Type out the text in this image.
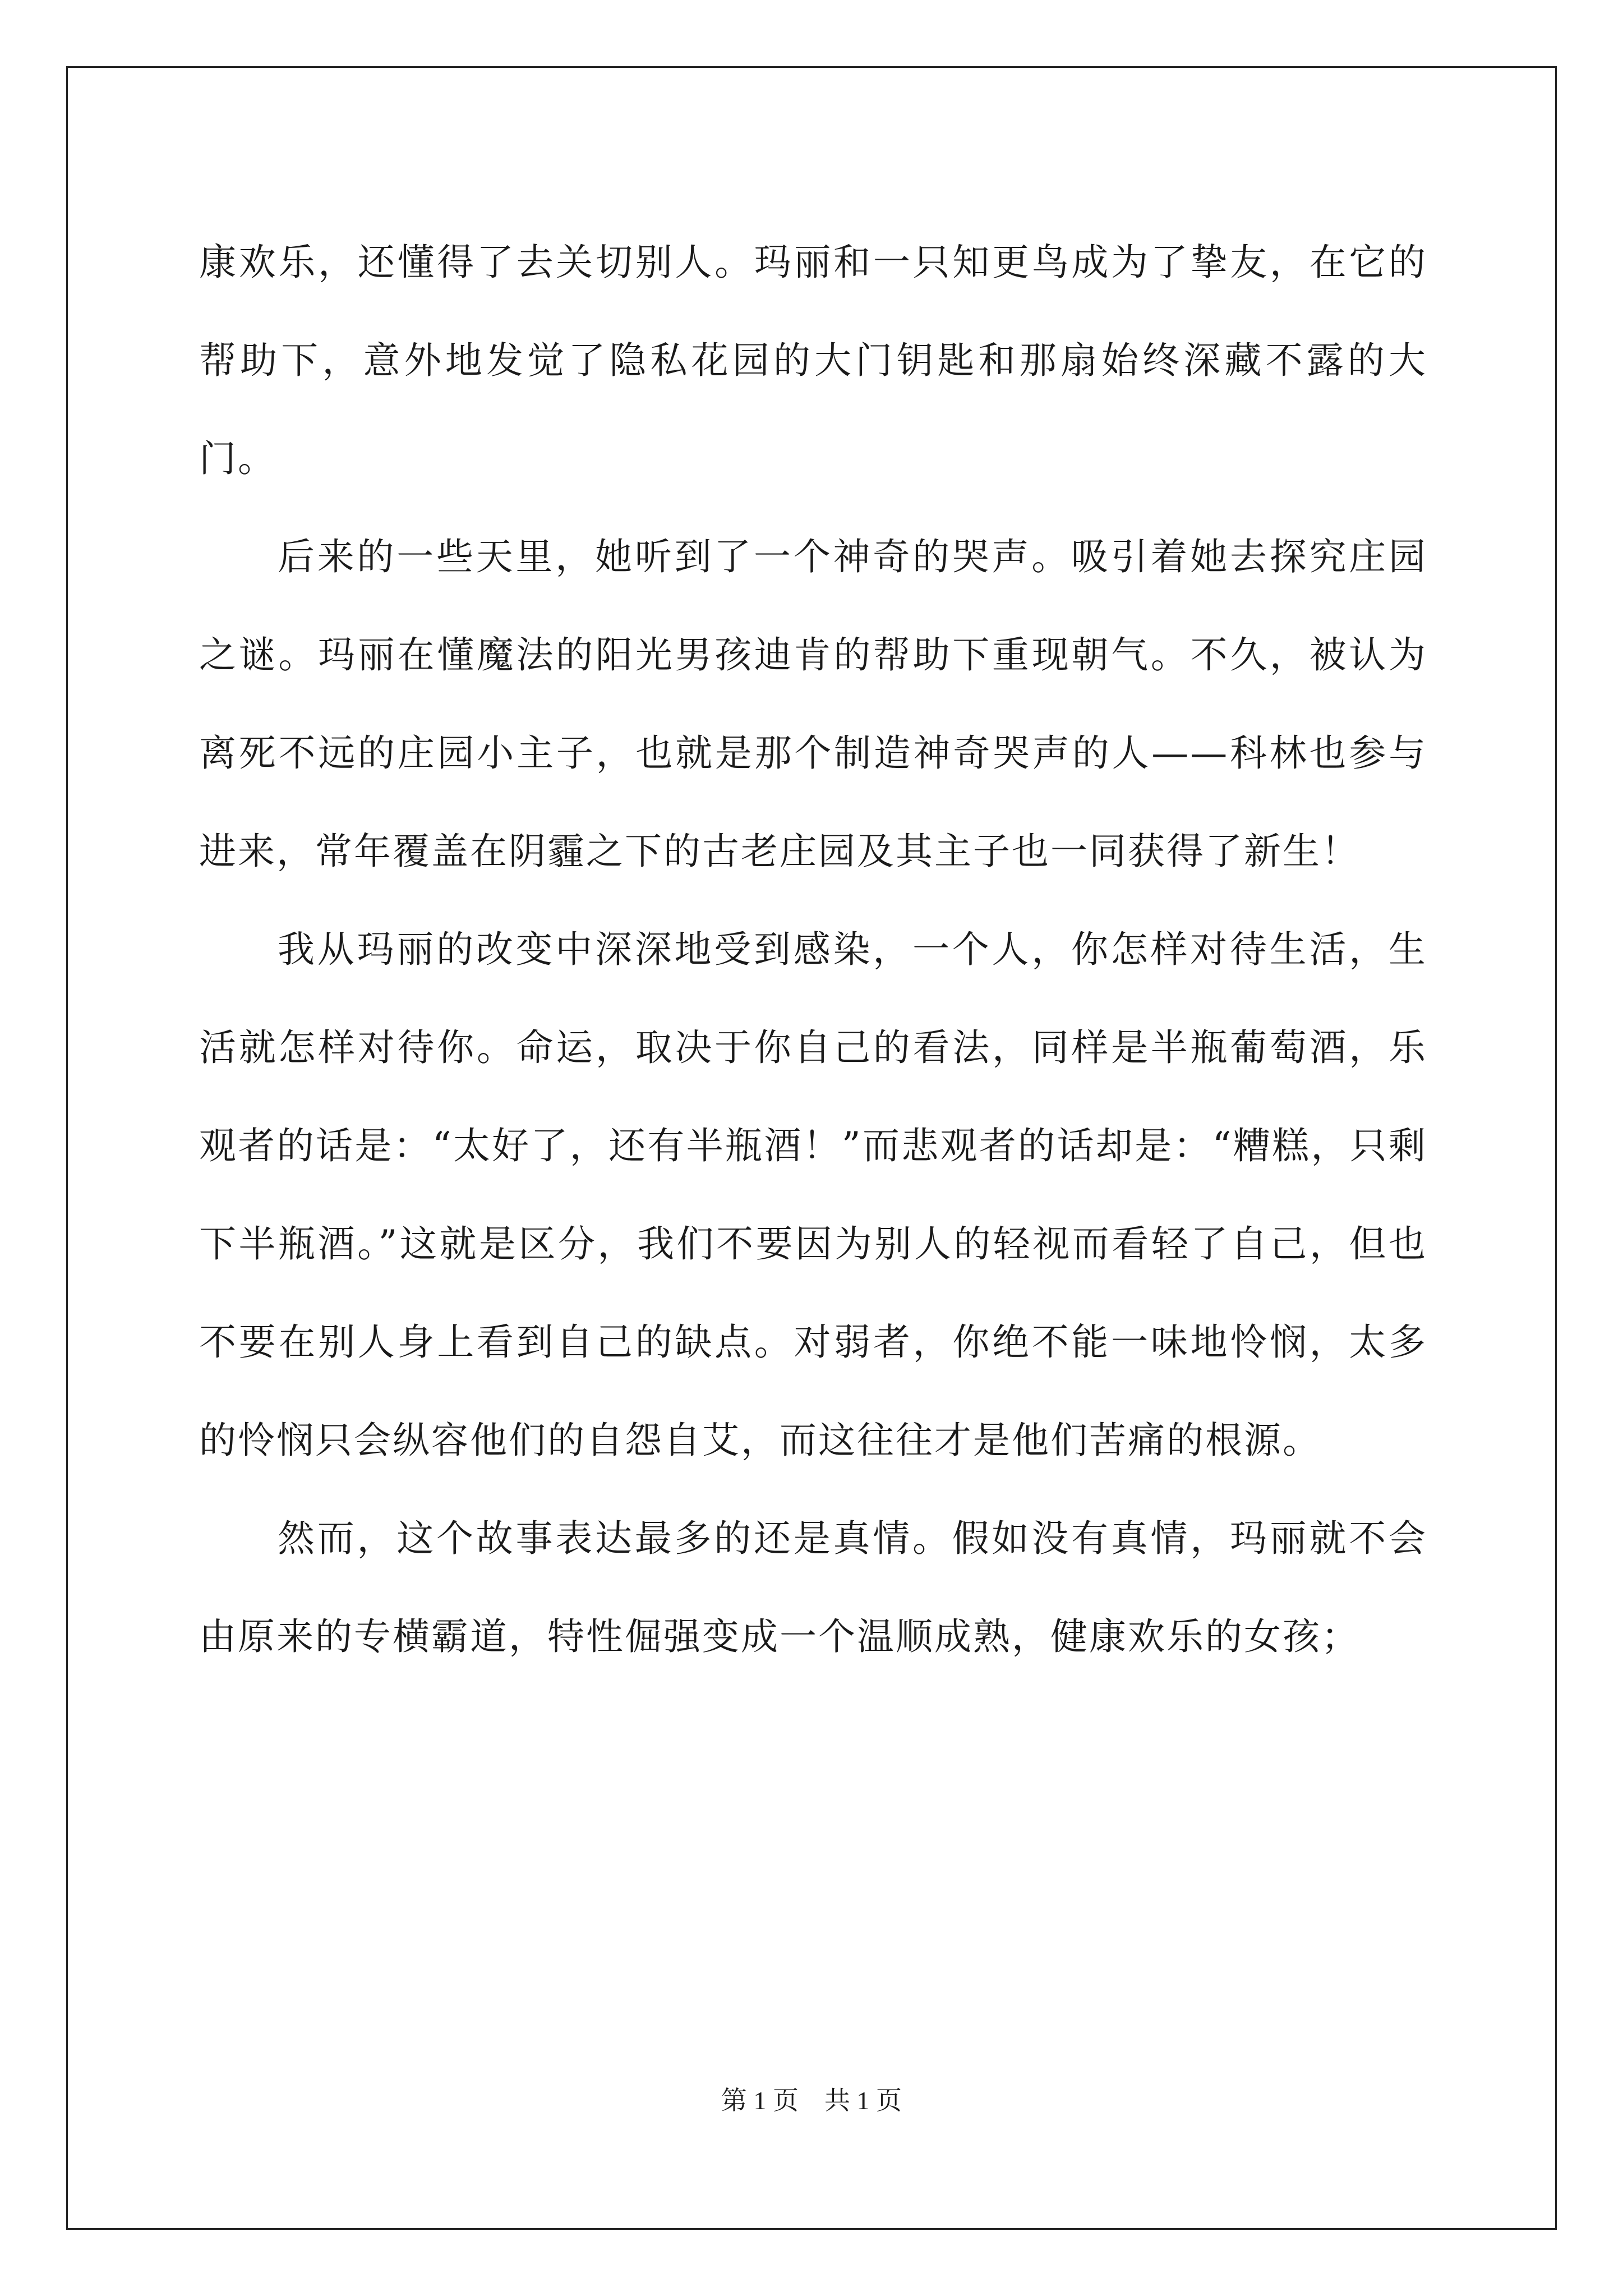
康欢乐，还懂得了去关切别人。玛丽和一只知更鸟成为了挚友，在它的帮助下，意外地发觉了隐私花园的大门钥匙和那扇始终深藏不露的大门。

后来的一些天里，她听到了一个神奇的哭声。吸引着她去探究庄园之谜。玛丽在懂魔法的阳光男孩迪肯的帮助下重现朝气。不久，被认为离死不远的庄园小主子，也就是那个制造神奇哭声的人——科林也参与进来，常年覆盖在阴霾之下的古老庄园及其主子也一同获得了新生！

我从玛丽的改变中深深地受到感染，一个人，你怎样对待生活，生活就怎样对待你。命运，取决于你自己的看法，同样是半瓶葡萄酒，乐观者的话是：“太好了，还有半瓶酒！”而悲观者的话却是：“糟糕，只剩下半瓶酒。”这就是区分，我们不要因为别人的轻视而看轻了自己，但也不要在别人身上看到自己的缺点。对弱者，你绝不能一味地怜悯，太多的怜悯只会纵容他们的自怨自艾，而这往往才是他们苦痛的根源。

然而，这个故事表达最多的还是真情。假如没有真情，玛丽就不会由原来的专横霸道，特性倔强变成一个温顺成熟，健康欢乐的女孩；

第 1 页 共 1 页
